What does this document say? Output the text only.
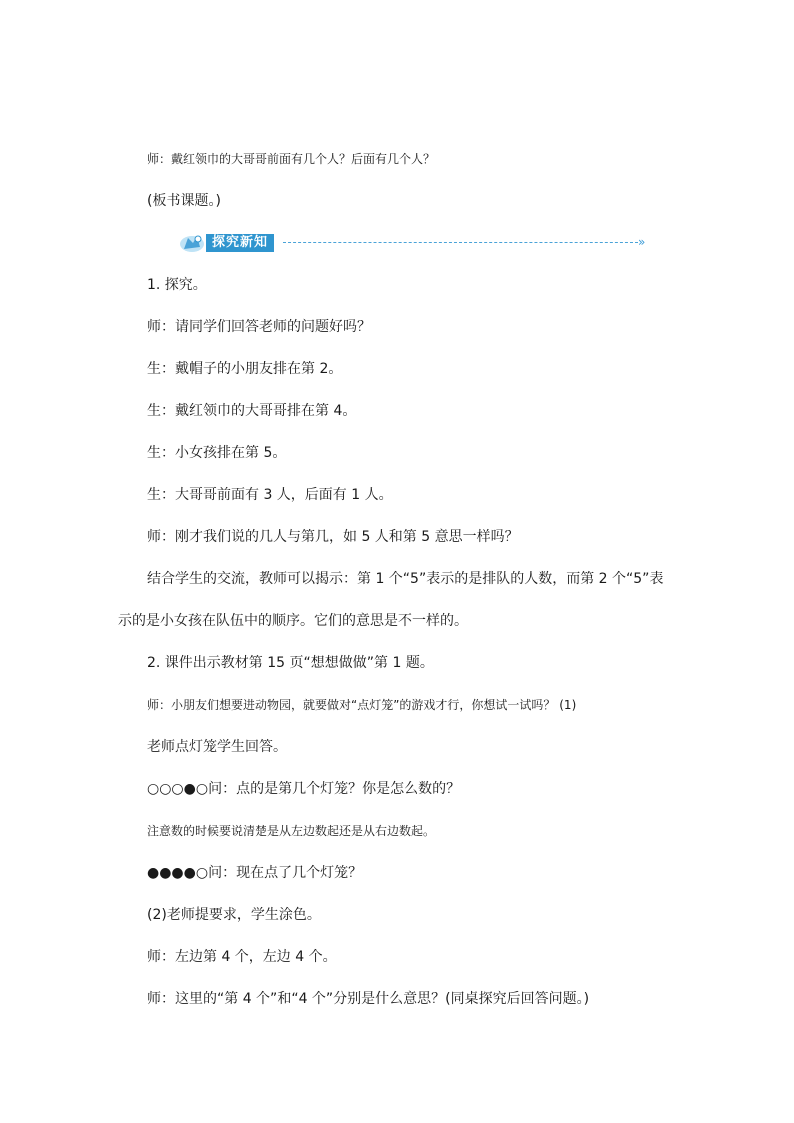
师：戴红领巾的大哥哥前面有几个人？后面有几个人？
(板书课题。)
探究新知	»
1. 探究。
师：请同学们回答老师的问题好吗？
生：戴帽子的小朋友排在第 2。
生：戴红领巾的大哥哥排在第 4。
生：小女孩排在第 5。
生：大哥哥前面有 3 人，后面有 1 人。
师：刚才我们说的几人与第几，如 5 人和第 5 意思一样吗？
结合学生的交流，教师可以揭示：第 1 个“5”表示的是排队的人数，而第 2 个“5”表
示的是小女孩在队伍中的顺序。它们的意思是不一样的。
2. 课件出示教材第 15 页“想想做做”第 1 题。
师：小朋友们想要进动物园，就要做对“点灯笼”的游戏才行，你想试一试吗？ (1)
老师点灯笼学生回答。
○○○●○问：点的是第几个灯笼？你是怎么数的？
注意数的时候要说清楚是从左边数起还是从右边数起。
●●●●○问：现在点了几个灯笼？
(2)老师提要求，学生涂色。
师：左边第 4 个，左边 4 个。
师：这里的“第 4 个”和“4 个”分别是什么意思？(同桌探究后回答问题。)
